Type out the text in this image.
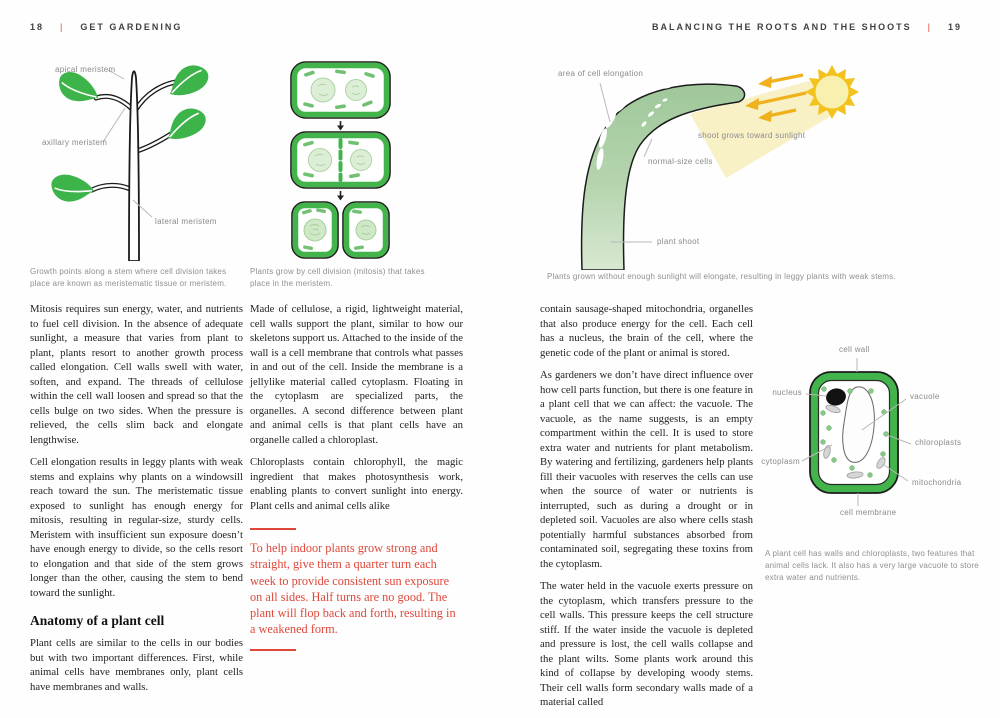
18 | GET GARDENING	BALANCING THE ROOTS AND THE SHOOTS | 19
apical meristem
axillary meristem
lateral meristem
Growth points along a stem where cell division takes place are known as meristematic tissue or meristem.
Plants grow by cell division (mitosis) that takes place in the meristem.
area of cell elongation
shoot grows toward sunlight
normal-size cells
plant shoot
Plants grown without enough sunlight will elongate, resulting in leggy plants with weak stems.

Mitosis requires sun energy, water, and nutrients to fuel cell division. In the absence of adequate sunlight, a measure that varies from plant to plant, plants resort to another growth process called elongation. Cell walls swell with water, soften, and expand. The threads of cellulose within the cell wall loosen and spread so that the cells bulge on two sides. When the pressure is relieved, the cells slim back and elongate lengthwise.

Cell elongation results in leggy plants with weak stems and explains why plants on a windowsill reach toward the sun. The meristematic tissue exposed to sunlight has enough energy for mitosis, resulting in regular-size, sturdy cells. Meristem with insufficient sun exposure doesn’t have enough energy to divide, so the cells resort to elongation and that side of the stem grows longer than the other, causing the stem to bend toward the sunlight.

Anatomy of a plant cell

Plant cells are similar to the cells in our bodies but with two important differences. First, while animal cells have membranes only, plant cells have membranes and walls.

Made of cellulose, a rigid, lightweight material, cell walls support the plant, similar to how our skeletons support us. Attached to the inside of the wall is a cell membrane that controls what passes in and out of the cell. Inside the membrane is a jellylike material called cytoplasm. Floating in the cytoplasm are specialized parts, the organelles. A second difference between plant and animal cells is that plant cells have an organelle called a chloroplast.

Chloroplasts contain chlorophyll, the magic ingredient that makes photosynthesis work, enabling plants to convert sunlight into energy. Plant cells and animal cells alike

To help indoor plants grow strong and straight, give them a quarter turn each week to provide consistent sun exposure on all sides. Half turns are no good. The plant will flop back and forth, resulting in a weakened form.

contain sausage-shaped mitochondria, organelles that also produce energy for the cell. Each cell has a nucleus, the brain of the cell, where the genetic code of the plant or animal is stored.

As gardeners we don’t have direct influence over how cell parts function, but there is one feature in a plant cell that we can affect: the vacuole. The vacuole, as the name suggests, is an empty compartment within the cell. It is used to store extra water and nutrients for plant metabolism. By watering and fertilizing, gardeners help plants fill their vacuoles with reserves the cells can use when the source of water or nutrients is interrupted, such as during a drought or in depleted soil. Vacuoles are also where cells stash potentially harmful substances absorbed from contaminated soil, segregating these toxins from the cytoplasm.

The water held in the vacuole exerts pressure on the cytoplasm, which transfers pressure to the cell walls. This pressure keeps the cell structure stiff. If the water inside the vacuole is depleted and pressure is lost, the cell walls collapse and the plant wilts. Some plants work around this kind of collapse by developing woody stems. Their cell walls form secondary walls made of a material called

cell wall
nucleus	vacuole
chloroplasts
cytoplasm
mitochondria
cell membrane
A plant cell has walls and chloroplasts, two features that animal cells lack. It also has a very large vacuole to store extra water and nutrients.
